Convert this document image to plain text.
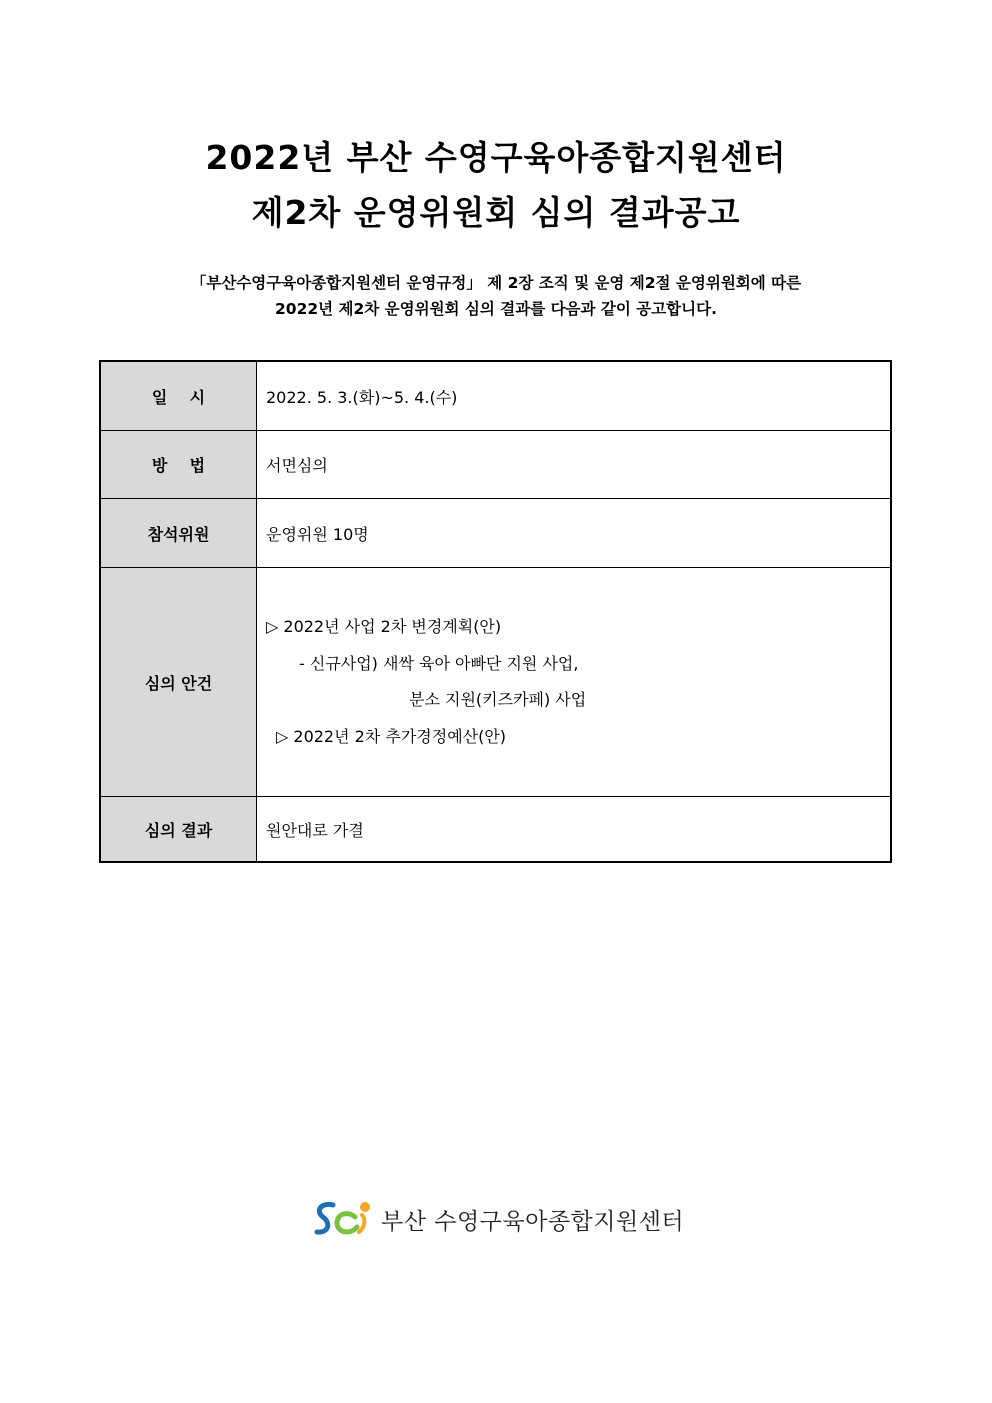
2022년 부산 수영구육아종합지원센터
제2차 운영위원회 심의 결과공고
「부산수영구육아종합지원센터 운영규정」 제 2장 조직 및 운영 제2절 운영위원회에 따른
2022년 제2차 운영위원회 심의 결과를 다음과 같이 공고합니다.
일    시	2022. 5. 3.(화)~5. 4.(수)
방    법	서면심의
참석위원	운영위원 10명
심의 안건	▷ 2022년 사업 2차 변경계획(안)
- 신규사업) 새싹 육아 아빠단 지원 사업,
분소 지원(키즈카페) 사업
▷ 2022년 2차 추가경정예산(안)

심의 결과	원안대로 가결
부산 수영구육아종합지원센터
